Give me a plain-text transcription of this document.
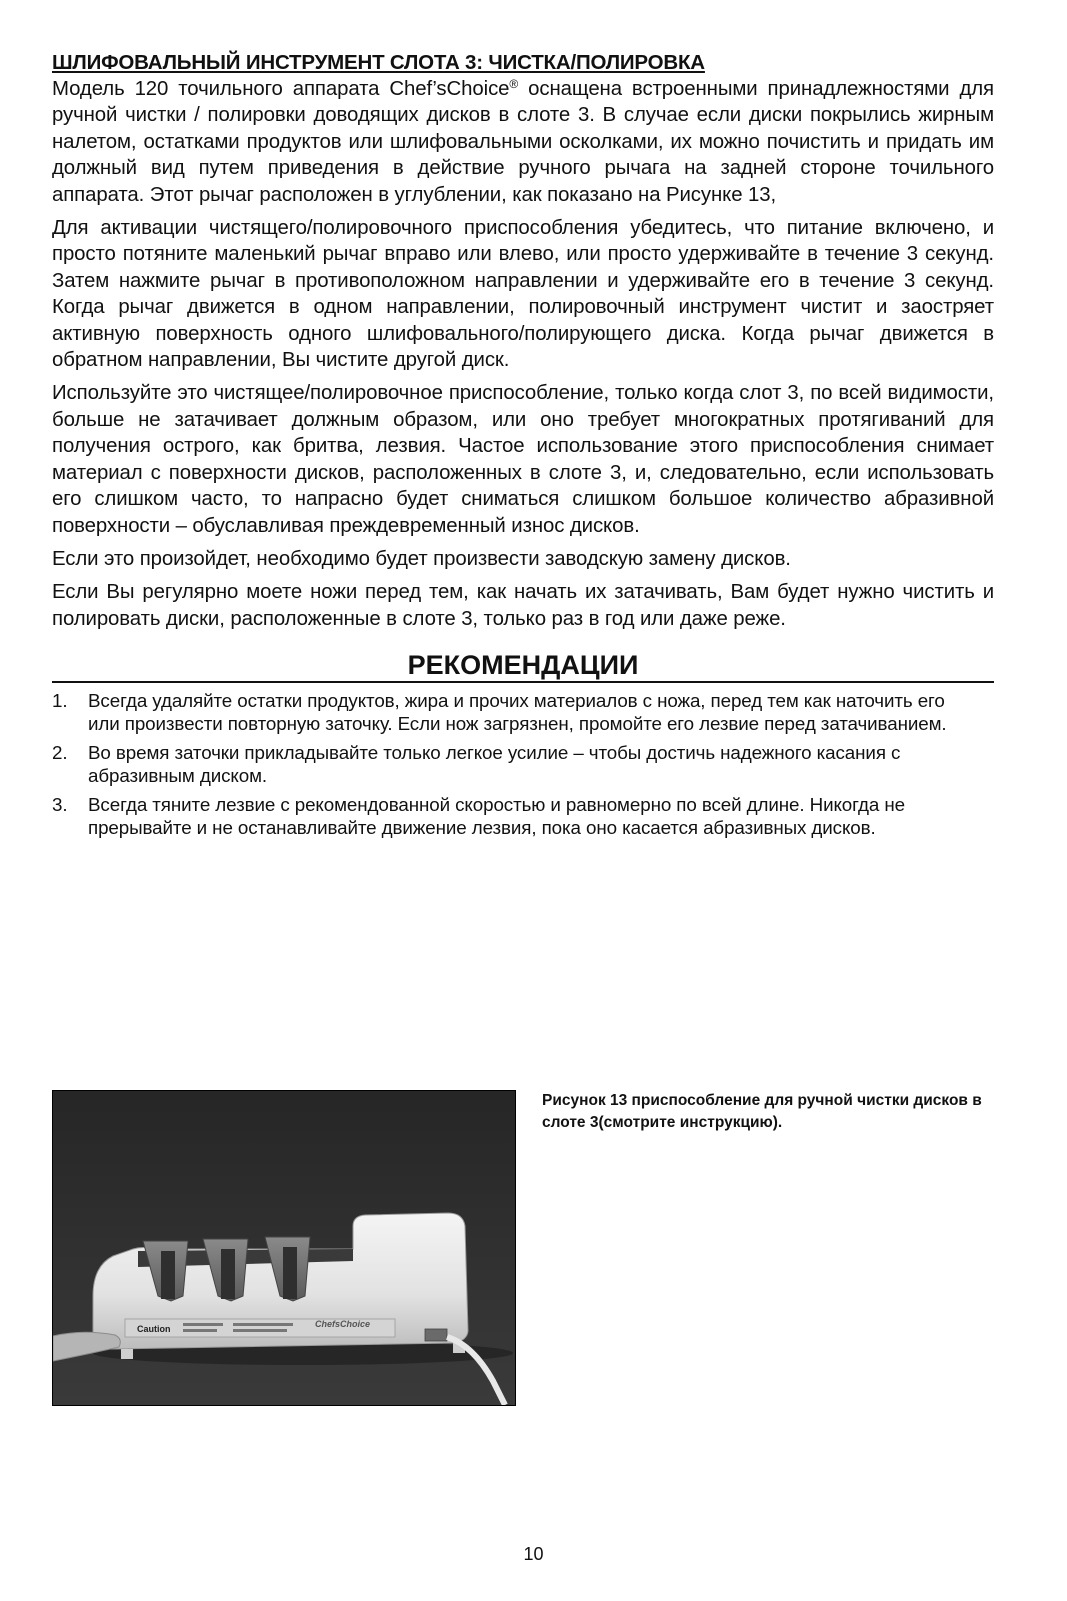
ШЛИФОВАЛЬНЫЙ ИНСТРУМЕНТ СЛОТА 3: ЧИСТКА/ПОЛИРОВКА

Модель 120 точильного аппарата Chef’sChoice® оснащена встроенными принадлежностями для ручной чистки / полировки доводящих дисков в слоте 3. В случае если диски покрылись жирным налетом, остатками продуктов или шлифовальными осколками, их можно почистить и придать им должный вид путем приведения в действие ручного рычага на задней стороне точильного аппарата. Этот рычаг расположен в углублении, как показано на Рисунке 13,

Для активации чистящего/полировочного приспособления убедитесь, что питание включено, и просто потяните маленький рычаг вправо или влево, или просто удерживайте в течение 3 секунд. Затем нажмите рычаг в противоположном направлении и удерживайте его в течение 3 секунд. Когда рычаг движется в одном направлении, полировочный инструмент чистит и заостряет активную поверхность одного шлифовального/полирующего диска. Когда рычаг движется в обратном направлении, Вы чистите другой диск.

Используйте это чистящее/полировочное приспособление, только когда слот 3, по всей видимости, больше не затачивает должным образом, или оно требует многократных протягиваний для получения острого, как бритва, лезвия. Частое использование этого приспособления снимает материал с поверхности дисков, расположенных в слоте 3, и, следовательно, если использовать его слишком часто, то напрасно будет сниматься слишком большое количество абразивной поверхности – обуславливая преждевременный износ дисков.

Если это произойдет, необходимо будет произвести заводскую замену дисков.

Если Вы регулярно моете ножи перед тем, как начать их затачивать, Вам будет нужно чистить и полировать диски, расположенные в слоте 3, только раз в год или даже реже.

РЕКОМЕНДАЦИИ
1.	Всегда удаляйте остатки продуктов, жира и прочих материалов с ножа, перед тем как наточить его или произвести повторную заточку. Если нож загрязнен, промойте его лезвие перед затачиванием.
2.	Во время заточки прикладывайте только легкое усилие – чтобы достичь надежного касания с абразивным диском.
3.	Всегда тяните лезвие с рекомендованной скоростью и равномерно по всей длине. Никогда не прерывайте и не останавливайте движение лезвия, пока оно касается абразивных дисков.
Caution	ChefsChoice
Рисунок 13 приспособление для ручной чистки дисков в слоте 3(смотрите инструкцию).
10
